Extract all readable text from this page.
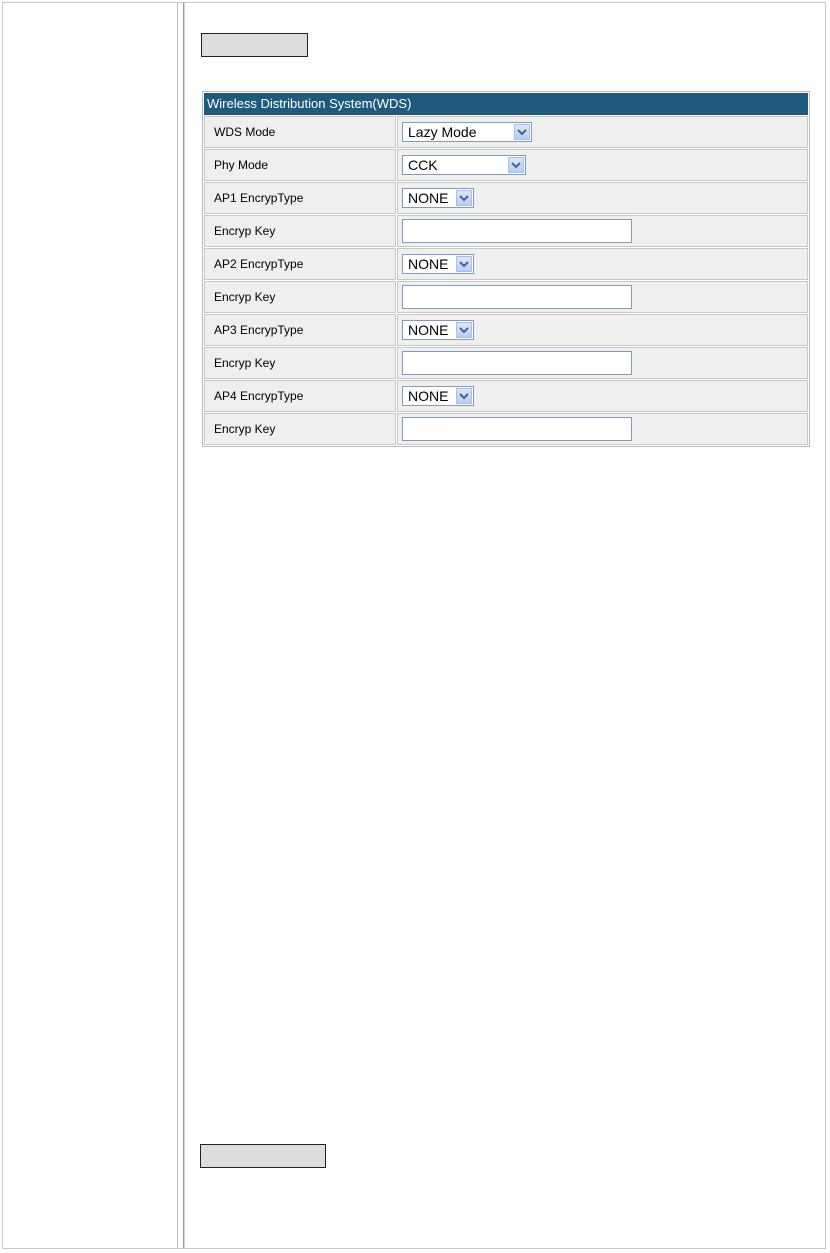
Wireless Distribution System(WDS)
WDS Mode	Lazy Mode
Phy Mode	CCK
AP1 EncrypType	NONE
Encryp Key
AP2 EncrypType	NONE
Encryp Key
AP3 EncrypType	NONE
Encryp Key
AP4 EncrypType	NONE
Encryp Key
